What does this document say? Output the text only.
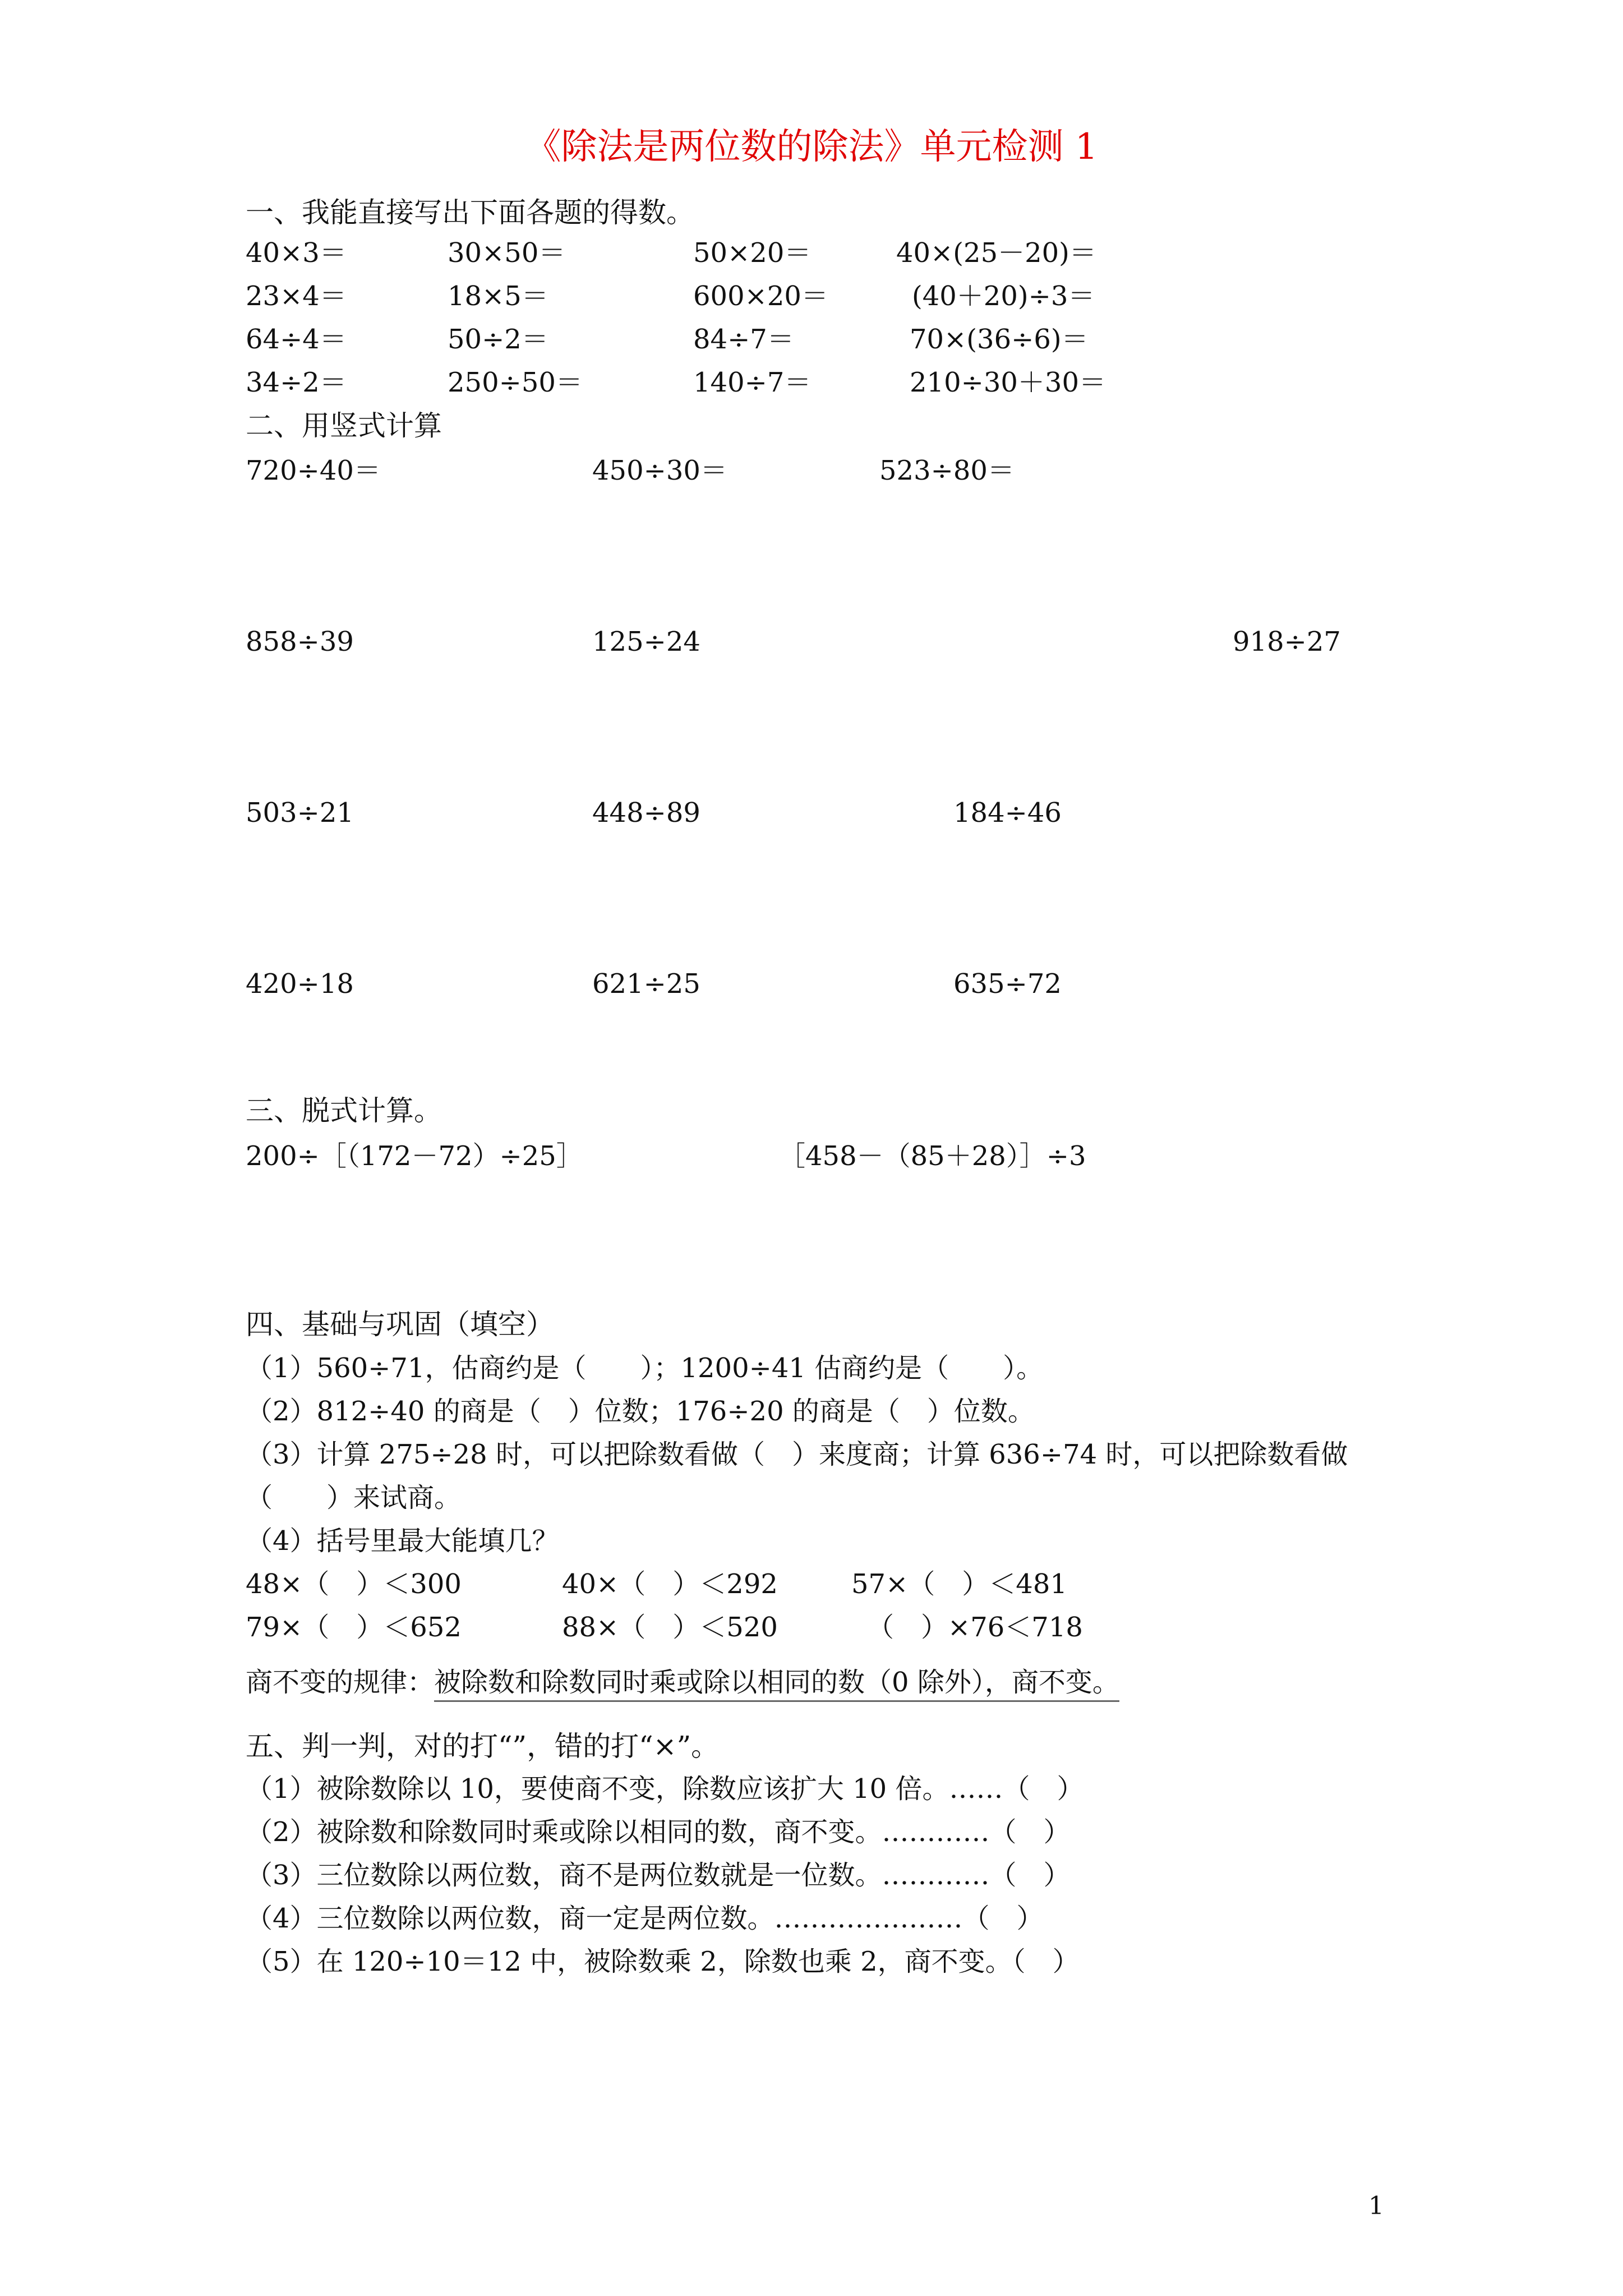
《除法是两位数的除法》单元检测 1
一、我能直接写出下面各题的得数。
40×3＝	30×50＝	50×20＝	40×(25－20)＝
23×4＝	18×5＝	600×20＝	(40＋20)÷3＝
64÷4＝	50÷2＝	84÷7＝	70×(36÷6)＝
34÷2＝	250÷50＝	140÷7＝	210÷30＋30＝
二、用竖式计算
720÷40＝	450÷30＝	523÷80＝
858÷39	125÷24	918÷27
503÷21	448÷89	184÷46
420÷18	621÷25	635÷72
三、脱式计算。
200÷［（172－72）÷25］	［458－（85＋28）］÷3
四、基础与巩固（填空）
（1）560÷71，估商约是（　　）；1200÷41 估商约是（　　）。
（2）812÷40 的商是（　）位数；176÷20 的商是（　）位数。
（3）计算 275÷28 时，可以把除数看做（　）来度商；计算 636÷74 时，可以把除数看做
（　　）来试商。
（4）括号里最大能填几？
48×（　）＜300	40×（　）＜292	57×（　）＜481
79×（　）＜652	88×（　）＜520	（　）×76＜718
商不变的规律：被除数和除数同时乘或除以相同的数（0 除外），商不变。
五、判一判，对的打“”，错的打“×”。
（1）被除数除以 10，要使商不变，除数应该扩大 10 倍。……（　）
（2）被除数和除数同时乘或除以相同的数，商不变。…………（　）
（3）三位数除以两位数，商不是两位数就是一位数。…………（　）
（4）三位数除以两位数，商一定是两位数。…………………（　）
（5）在 120÷10＝12 中，被除数乘 2，除数也乘 2，商不变。（　）
1
